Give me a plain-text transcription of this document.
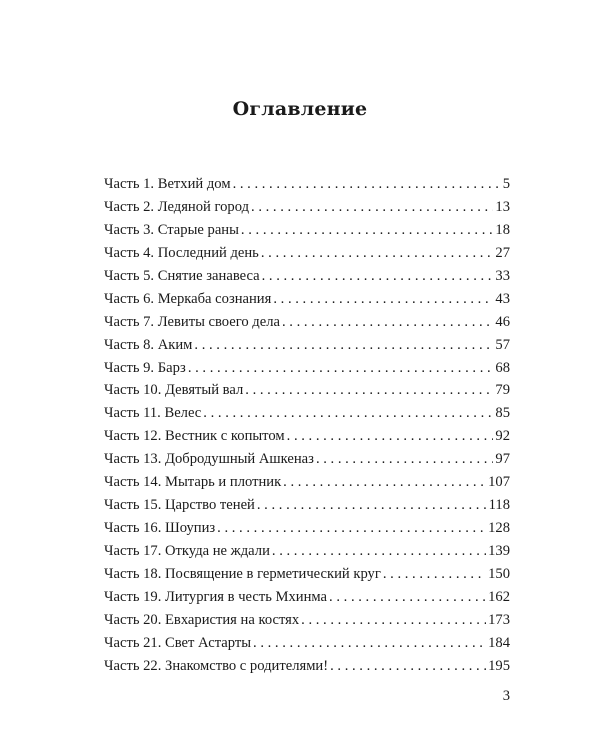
Оглавление
Часть 1. Ветхий дом . . .	5
Часть 2. Ледяной город . . .	13
Часть 3. Старые раны . . .	18
Часть 4. Последний день . . .	27
Часть 5. Снятие занавеса . . .	33
Часть 6. Меркаба сознания . . .	43
Часть 7. Левиты своего дела . . .	46
Часть 8. Аким . . .	57
Часть 9. Барз . . .	68
Часть 10. Девятый вал . . .	79
Часть 11. Велес . . .	85
Часть 12. Вестник с копытом . . .	92
Часть 13. Добродушный Ашкеназ . . .	97
Часть 14. Мытарь и плотник . . .	107
Часть 15. Царство теней . . .	118
Часть 16. Шоупиз . . .	128
Часть 17. Откуда не ждали . . .	139
Часть 18. Посвящение в герметический круг . . .	150
Часть 19. Литургия в честь Мхинма . . .	162
Часть 20. Евхаристия на костях . . .	173
Часть 21. Свет Астарты . . .	184
Часть 22. Знакомство с родителями! . . .	195
3
